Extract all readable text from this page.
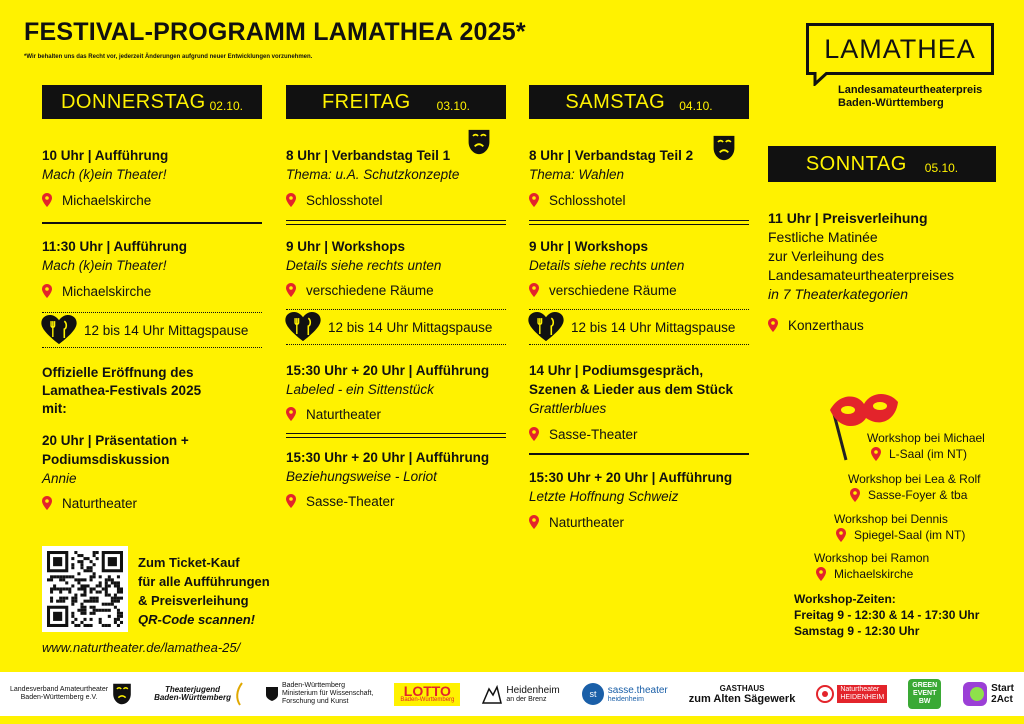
FESTIVAL-PROGRAMM LAMATHEA 2025*
*Wir behalten uns das Recht vor, jederzeit Änderungen aufgrund neuer Entwicklungen vorzunehmen.	LAMATHEA
Landesamateurtheaterpreis
Baden-Württemberg
DONNERSTAG 02.10.
10 Uhr | Aufführung
Mach (k)ein Theater!
Michaelskirche
11:30 Uhr | Aufführung
Mach (k)ein Theater!
Michaelskirche
12 bis 14 Uhr Mittagspause
Offizielle Eröffnung des
Lamathea-Festivals 2025
mit:
20 Uhr | Präsentation +
Podiumsdiskussion
Annie
Naturtheater
FREITAG 03.10.
8 Uhr | Verbandstag Teil 1
Thema: u.A. Schutzkonzepte
Schlosshotel
9 Uhr | Workshops
Details siehe rechts unten
verschiedene Räume
12 bis 14 Uhr Mittagspause
15:30 Uhr + 20 Uhr | Aufführung
Labeled - ein Sittenstück
Naturtheater
15:30 Uhr + 20 Uhr | Aufführung
Beziehungsweise - Loriot
Sasse-Theater
SAMSTAG 04.10.
8 Uhr | Verbandstag Teil 2
Thema: Wahlen
Schlosshotel
9 Uhr | Workshops
Details siehe rechts unten
verschiedene Räume
12 bis 14 Uhr Mittagspause
14 Uhr | Podiumsgespräch,
Szenen & Lieder aus dem Stück
Grattlerblues
Sasse-Theater
15:30 Uhr + 20 Uhr | Aufführung
Letzte Hoffnung Schweiz
Naturtheater
SONNTAG 05.10.
11 Uhr | Preisverleihung
Festliche Matinée
zur Verleihung des
Landesamateurtheaterpreises
in 7 Theaterkategorien
Konzerthaus
Workshop bei Michael
L-Saal (im NT)
Workshop bei Lea & Rolf
Sasse-Foyer & tba
Workshop bei Dennis
Spiegel-Saal (im NT)
Workshop bei Ramon
Michaelskirche
Workshop-Zeiten:
Freitag 9 - 12:30 & 14 - 17:30 Uhr
Samstag 9 - 12:30 Uhr
Zum Ticket-Kauf
für alle Aufführungen
& Preisverleihung
QR-Code scannen!
www.naturtheater.de/lamathea-25/
Landesverband Amateurtheater
Baden-Württemberg e.V.
Theaterjugend
Baden-Württemberg
Baden-Württemberg
Ministerium für Wissenschaft,
Forschung und Kunst
LOTTO
Baden-Württemberg
Heidenheim
an der Brenz	st sasse.theater
heidenheim
GASTHAUS
zum Alten Sägewerk
Naturtheater
HEIDENHEIM
GREEN
EVENT
BW
Start
2Act
